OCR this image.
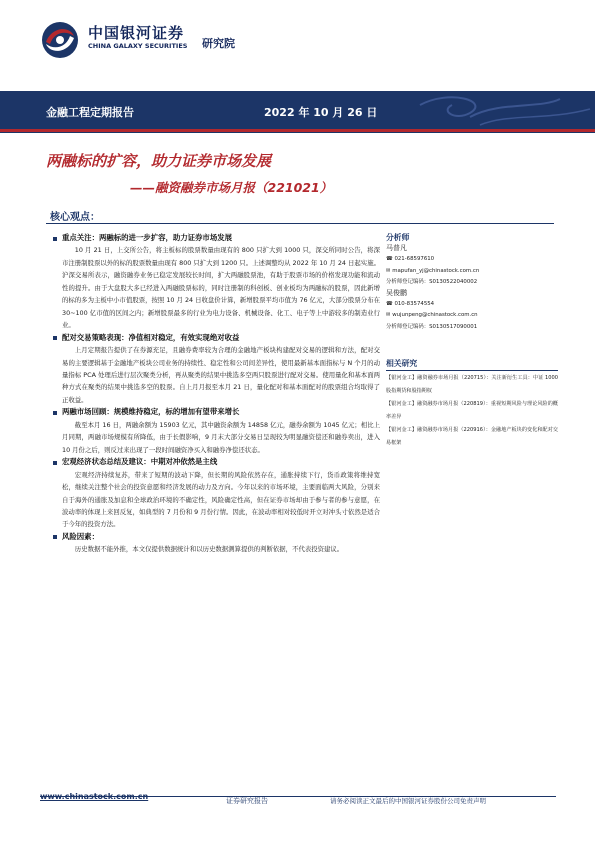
中国银河证券
CHINA GALAXY SECURITIES 研究院
金融工程定期报告	2022 年 10 月 26 日
两融标的扩容，助力证券市场发展
——融资融券市场月报（221021）
核心观点：
重点关注：两融标的进一步扩容，助力证券市场发展

10 月 21 日，上交所公告，将主板标的股票数量由现有的 800 只扩大到 1000 只，深交所同时公告，将深市注册制股票以外的标的股票数量由现有 800 只扩大到 1200 只。上述调整均从 2022 年 10 月 24 日起实施。沪深交易所表示，融资融券业务已稳定发展较长时间，扩大两融股票池，有助于股票市场的价格发现功能和流动性的提升。由于大盘股大多已经进入两融股票标的，同时注册制的科创板、创业板均为两融标的股票，因此新增的标的多为主板中小市值股票，按照 10 月 24 日收盘价计算，新增股票平均市值为 76 亿元，大部分股票分布在 30~100 亿市值的区间之内；新增股票最多的行业为电力设备、机械设备、化工、电子等上中游较多的制造业行业。

配对交易策略表现：净值相对稳定，有效实现绝对收益

上月定期报告提供了在券源充足，且融券费率较为合理的金融地产板块构建配对交易的逻辑和方法，配对交易的主要逻辑基于金融地产板块公司业务的持续性、稳定性和公司间差异性，使用最新基本面指标与 N 个月的动量指标 PCA 处理后进行层次聚类分析，再从聚类的结果中挑选多空两只股票进行配对交易。使用量化和基本面两种方式在聚类的结果中挑选多空的股票。自上月月报至本月 21 日，量化配对和基本面配对的股票组合均取得了正收益。

两融市场回顾：规模维持稳定，标的增加有望带来增长

截至本月 16 日，两融余额为 15903 亿元，其中融资余额为 14858 亿元，融券余额为 1045 亿元；相比上月同期，两融市场规模有所降低，由于长假影响，9 月末大部分交易日呈现较为明显融资偿还和融券卖出，进入 10 月份之后，则反过来出现了一段时间融资净买入和融券净偿还状态。

宏观经济状态总结及建议：中期对冲依然是主线

宏观经济持续复苏，带来了短期的波动下降，但长期的风险依然存在，通胀持续下行，货币政策将维持宽松，继续关注整个社会的投资意愿和经济发展的动力及方向。今年以来的市场环境，主要面临两大风险，分别来自于海外的通胀及加息和全球政治环境的不确定性，风险确定性高，但在证券市场却由于参与者的参与意愿，在波动率的体现上来回反复，如典型的 7 月份和 9 月份行情。因此，在波动率相对较低时开立对冲头寸依然是适合于今年的投资方法。

风险因素：

历史数据不能外推，本文仅提供数据统计和以历史数据测算提供的判断依据，不代表投资建议。

分析师
马普凡
☎ 021-68597610
✉ mapufan_yj@chinastock.com.cn
分析师登记编码：S0130522040002
吴俊鹏
☎ 010-83574554
✉ wujunpeng@chinastock.com.cn
分析师登记编码：S0130517090001
相关研究
【银河金工】融资融券市场月报（220715）：关注新衍生工具：中证 1000 股指期货和股指期权
【银河金工】融资融券市场月报（220819）：重视短期风险与理论风险的概率差异
【银河金工】融资融券市场月报（220916）：金融地产板块的变化和配对交易框架
证券研究报告	请务必阅读正文最后的中国银河证券股份公司免责声明
